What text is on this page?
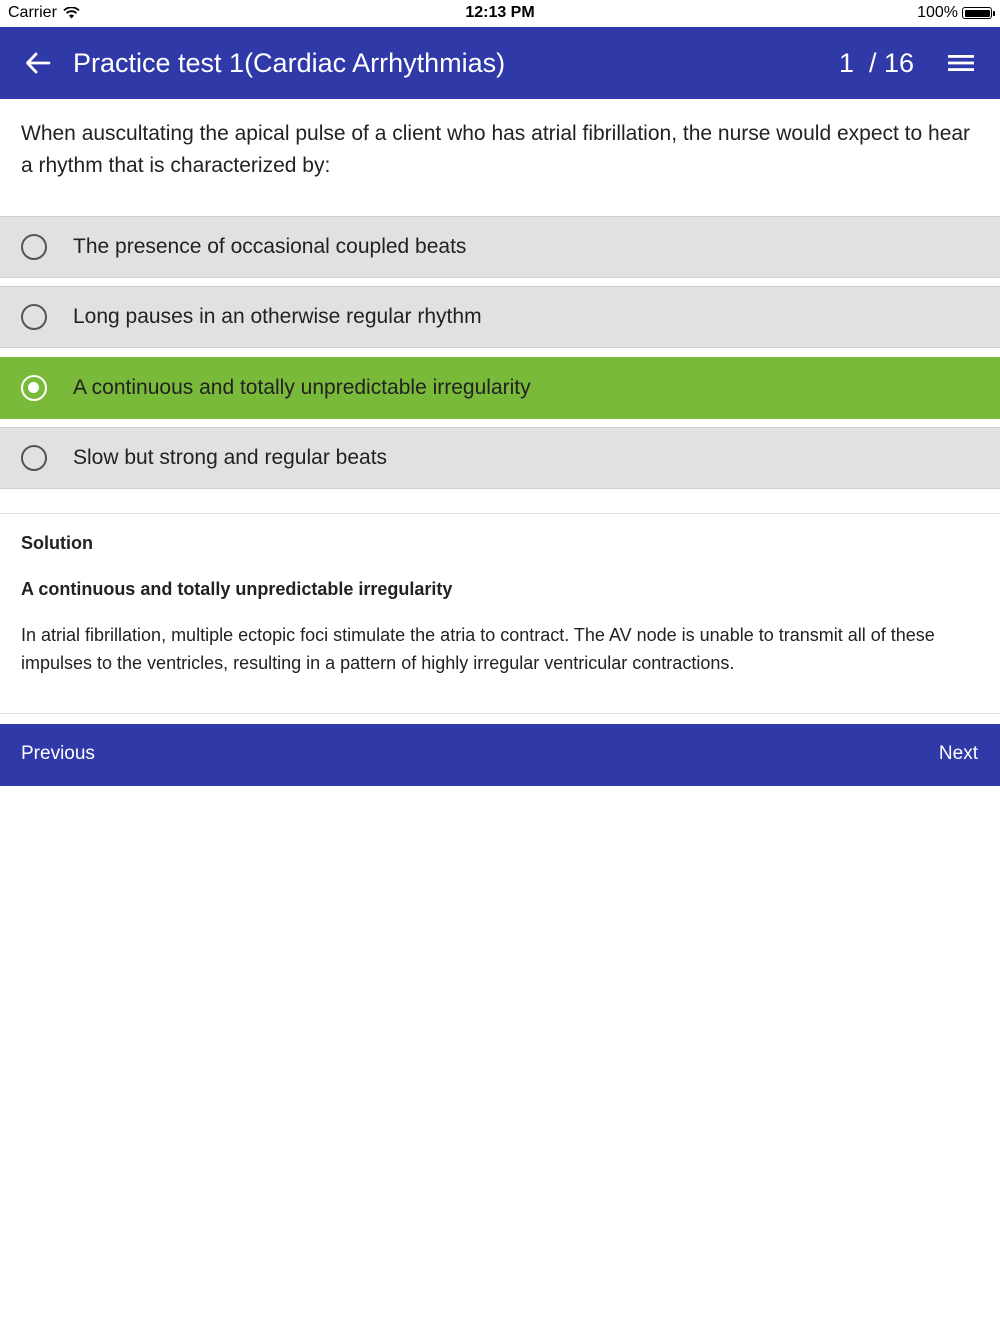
Carrier	12:13 PM	100%
Practice test 1(Cardiac Arrhythmias)	1  / 16
When auscultating the apical pulse of a client who has atrial fibrillation, the nurse would expect to hear a rhythm that is characterized by:
The presence of occasional coupled beats
Long pauses in an otherwise regular rhythm
A continuous and totally unpredictable irregularity
Slow but strong and regular beats
Solution
A continuous and totally unpredictable irregularity
In atrial fibrillation, multiple ectopic foci stimulate the atria to contract. The AV node is unable to transmit all of these impulses to the ventricles, resulting in a pattern of highly irregular ventricular contractions.
Previous	Next
